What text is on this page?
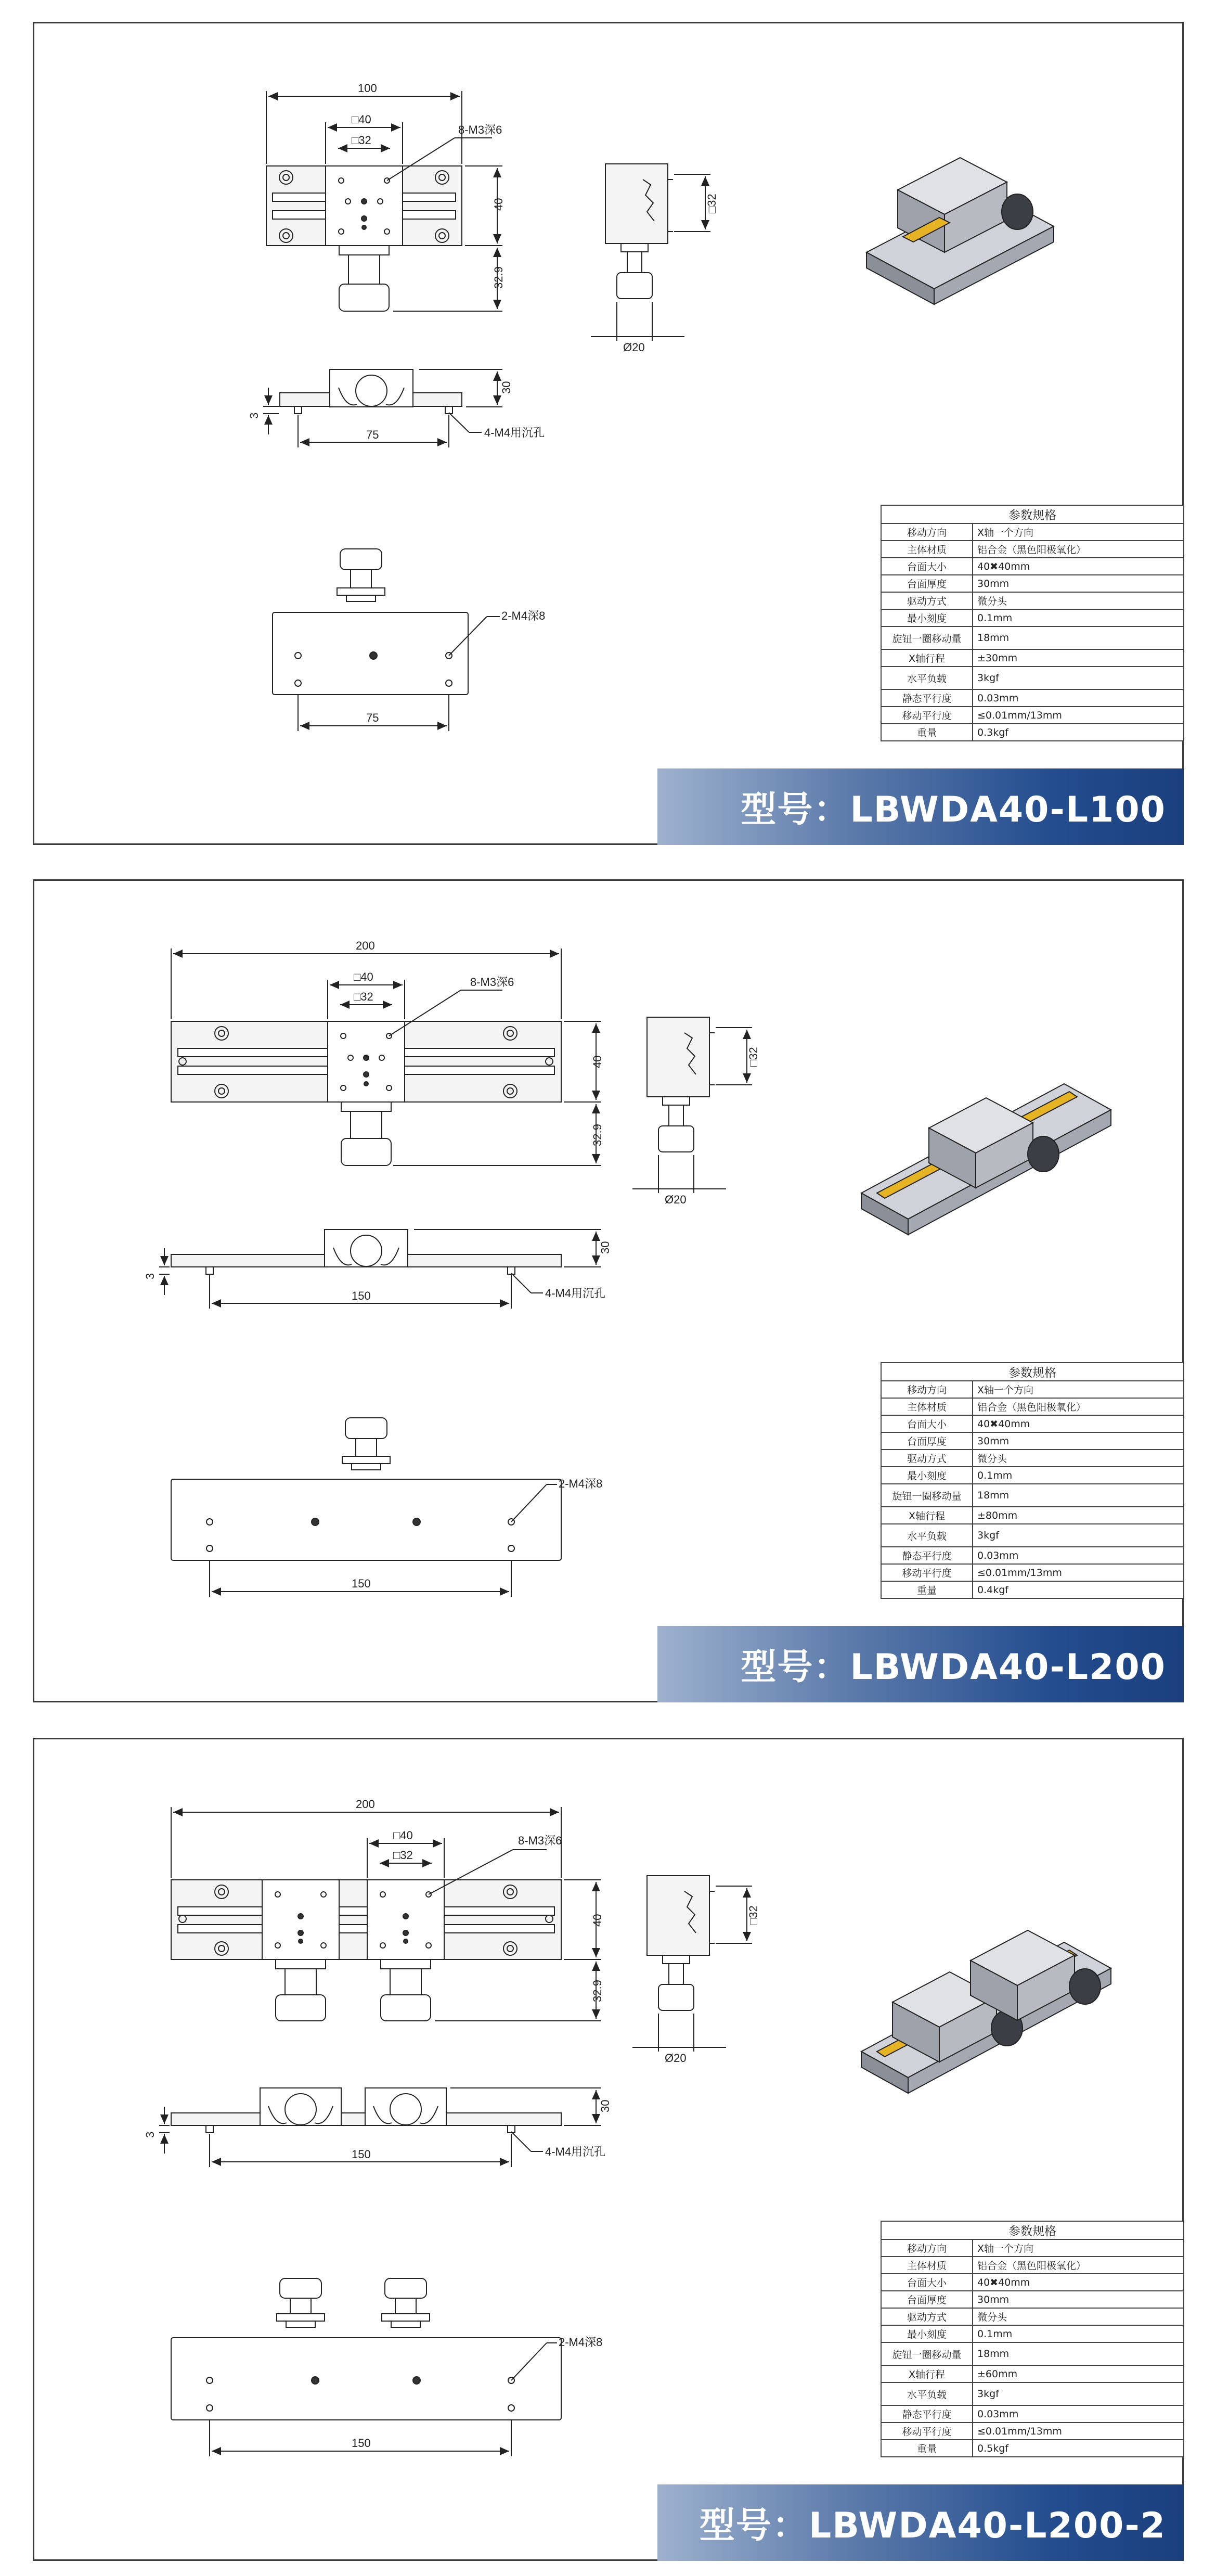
100
□40
□32
8-M3深6
40
32.9
□32
Ø20
30
3
75	4-M4用沉孔
2-M4深8
75
参数规格	
移动方向	X轴一个方向
主体材质	铝合金（黑色阳极氧化）
台面大小	40✖40mm
台面厚度	30mm
驱动方式	微分头
最小刻度	0.1mm
旋钮一圈移动量	18mm
X轴行程	±30mm
水平负载	3kgf
静态平行度	0.03mm
移动平行度	≤0.01mm/13mm
重量	0.3kgf
型号：LBWDA40-L100
200
□40
□32
8-M3深6
40
32.9
□32
Ø20
30
3
150	4-M4用沉孔
2-M4深8
150
参数规格	
移动方向	X轴一个方向
主体材质	铝合金（黑色阳极氧化）
台面大小	40✖40mm
台面厚度	30mm
驱动方式	微分头
最小刻度	0.1mm
旋钮一圈移动量	18mm
X轴行程	±80mm
水平负载	3kgf
静态平行度	0.03mm
移动平行度	≤0.01mm/13mm
重量	0.4kgf
型号：LBWDA40-L200
200
□40
□32
8-M3深6
40
32.9
□32
Ø20
30
3
150	4-M4用沉孔
2-M4深8
150
参数规格	
移动方向	X轴一个方向
主体材质	铝合金（黑色阳极氧化）
台面大小	40✖40mm
台面厚度	30mm
驱动方式	微分头
最小刻度	0.1mm
旋钮一圈移动量	18mm
X轴行程	±60mm
水平负载	3kgf
静态平行度	0.03mm
移动平行度	≤0.01mm/13mm
重量	0.5kgf
型号：LBWDA40-L200-2
